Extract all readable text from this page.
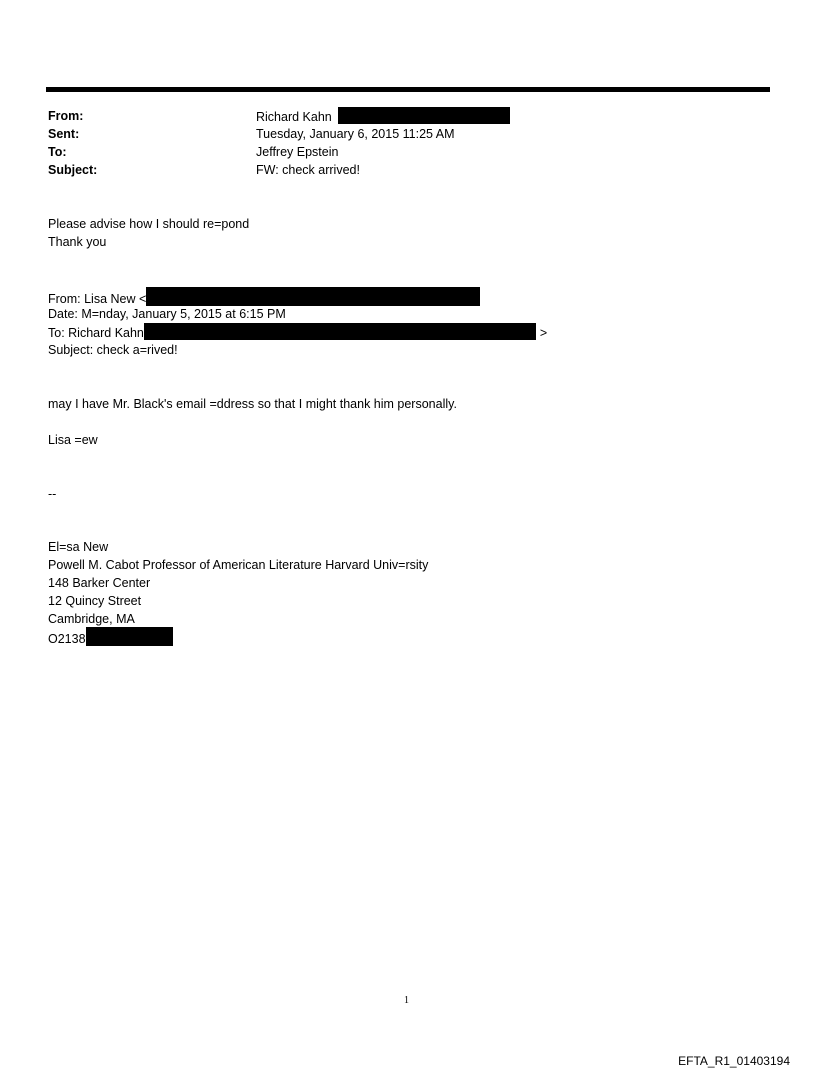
From:	Richard Kahn
Sent:	Tuesday, January 6, 2015 11:25 AM
To:	Jeffrey Epstein
Subject:	FW: check arrived!
Please advise how I should re=pond
Thank you
From: Lisa New <
Date: M=nday, January 5, 2015 at 6:15 PM
To: Richard Kahn	>
Subject: check a=rived!
may I have Mr. Black's email =ddress so that I might thank him personally.
Lisa =ew
--
El=sa New
Powell M. Cabot Professor of American Literature Harvard Univ=rsity
148 Barker Center
12 Quincy Street
Cambridge, MA
O2138
1
EFTA_R1_01403194
